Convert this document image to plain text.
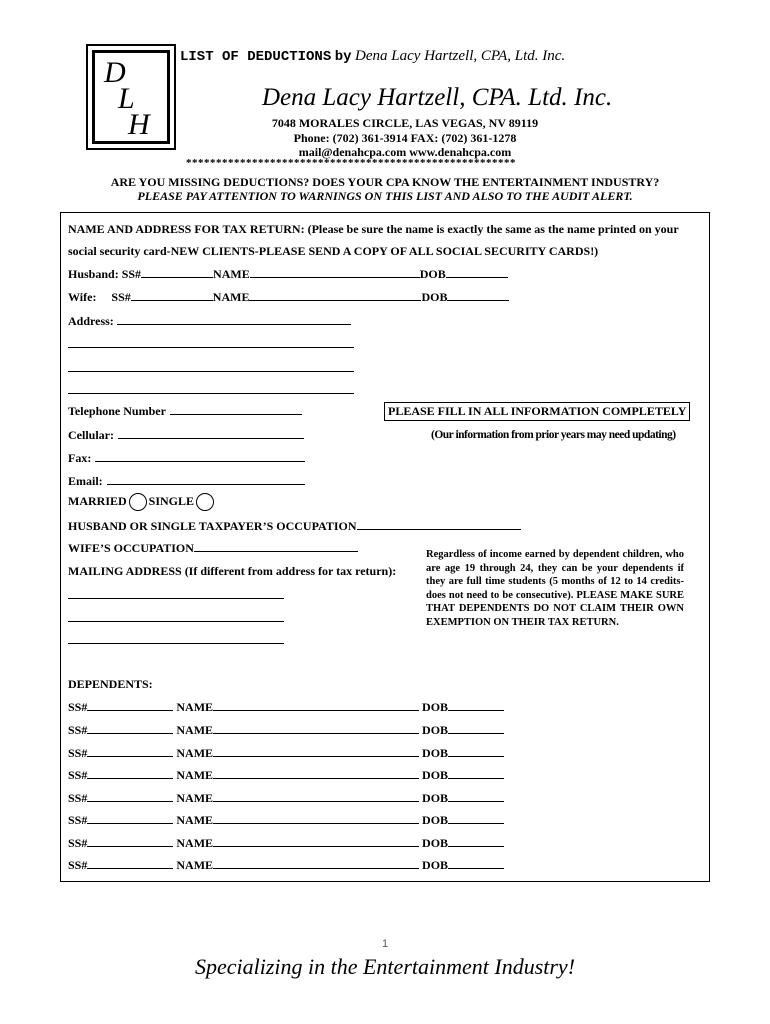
D
L
H
LIST OF DEDUCTIONS by Dena Lacy Hartzell, CPA, Ltd. Inc.
Dena Lacy Hartzell, CPA. Ltd. Inc.
7048 MORALES CIRCLE, LAS VEGAS, NV 89119
Phone: (702) 361-3914 FAX: (702) 361-1278
mail@denahcpa.com www.denahcpa.com
*******************************************************
ARE YOU MISSING DEDUCTIONS? DOES YOUR CPA KNOW THE ENTERTAINMENT INDUSTRY?
PLEASE PAY ATTENTION TO WARNINGS ON THIS LIST AND ALSO TO THE AUDIT ALERT.
NAME AND ADDRESS FOR TAX RETURN: (Please be sure the name is exactly the same as the name printed on your
social security card-NEW CLIENTS-PLEASE SEND A COPY OF ALL SOCIAL SECURITY CARDS!)
Husband: SS#	NAME	DOB
Wife:     SS#	NAME	DOB
Address:
Telephone Number	PLEASE FILL IN ALL INFORMATION COMPLETELY
Cellular:	(Our information from prior years may need updating)
Fax:
Email:
MARRIED SINGLE
HUSBAND OR SINGLE TAXPAYER’S OCCUPATION
WIFE’S OCCUPATION
MAILING ADDRESS (If different from address for tax return):
Regardless of income earned by dependent children, who are age 19 through 24, they can be your dependents if they are full time students (5 months of 12 to 14 credits-does not need to be consecutive). PLEASE MAKE SURE THAT DEPENDENTS DO NOT CLAIM THEIR OWN EXEMPTION ON THEIR TAX RETURN.
DEPENDENTS:
SS#	NAME	DOB
SS#	NAME	DOB
SS#	NAME	DOB
SS#	NAME	DOB
SS#	NAME	DOB
SS#	NAME	DOB
SS#	NAME	DOB
SS#	NAME	DOB
1
Specializing in the Entertainment Industry!
